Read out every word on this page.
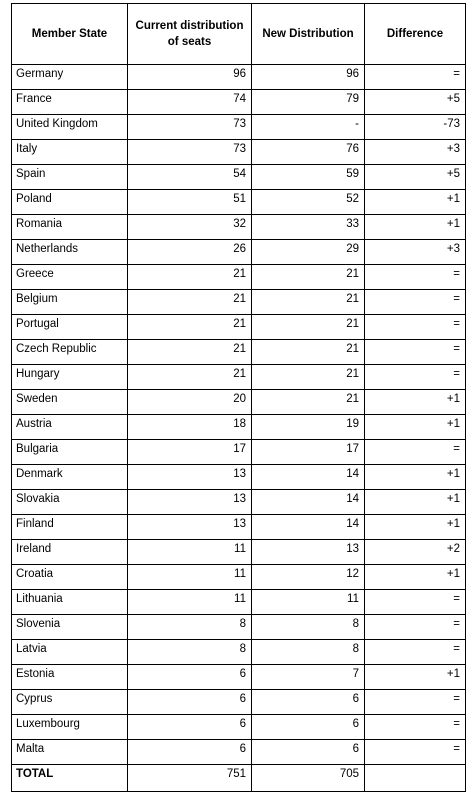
Member State	Current distribution of seats	New Distribution	Difference
Germany	96	96	=
France	74	79	+5
United Kingdom	73	-	-73
Italy	73	76	+3
Spain	54	59	+5
Poland	51	52	+1
Romania	32	33	+1
Netherlands	26	29	+3
Greece	21	21	=
Belgium	21	21	=
Portugal	21	21	=
Czech Republic	21	21	=
Hungary	21	21	=
Sweden	20	21	+1
Austria	18	19	+1
Bulgaria	17	17	=
Denmark	13	14	+1
Slovakia	13	14	+1
Finland	13	14	+1
Ireland	11	13	+2
Croatia	11	12	+1
Lithuania	11	11	=
Slovenia	8	8	=
Latvia	8	8	=
Estonia	6	7	+1
Cyprus	6	6	=
Luxembourg	6	6	=
Malta	6	6	=
TOTAL	751	705	
